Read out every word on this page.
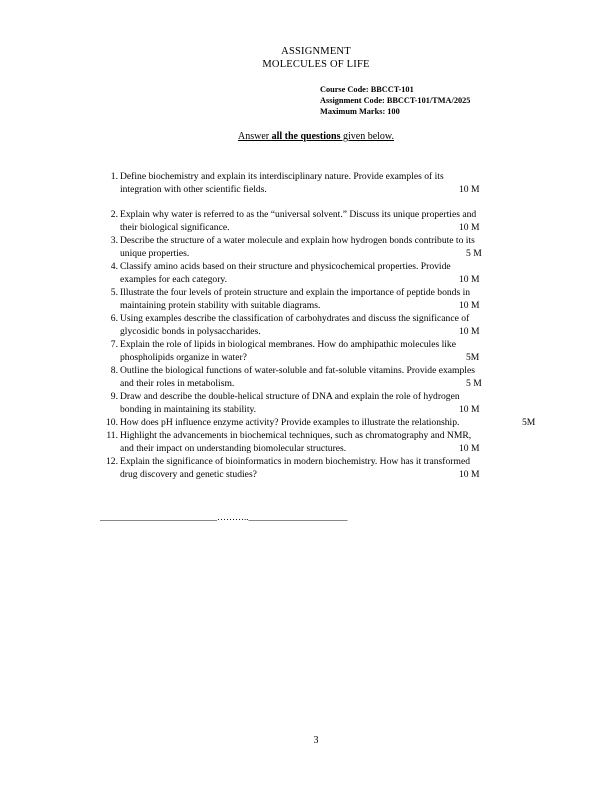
ASSIGNMENT
MOLECULES OF LIFE
Course Code: BBCCT-101
Assignment Code: BBCCT-101/TMA/2025
Maximum Marks: 100
Answer all the questions given below.
1. Define biochemistry and explain its interdisciplinary nature. Provide examples of its
integration with other scientific fields.	10 M
2. Explain why water is referred to as the “universal solvent.” Discuss its unique properties and
their biological significance.	10 M
3. Describe the structure of a water molecule and explain how hydrogen bonds contribute to its
unique properties.	5 M
4. Classify amino acids based on their structure and physicochemical properties. Provide
examples for each category.	10 M
5. Illustrate the four levels of protein structure and explain the importance of peptide bonds in
maintaining protein stability with suitable diagrams.	10 M
6. Using examples describe the classification of carbohydrates and discuss the significance of
glycosidic bonds in polysaccharides.	10 M
7. Explain the role of lipids in biological membranes. How do amphipathic molecules like
phospholipids organize in water?	5M
8. Outline the biological functions of water-soluble and fat-soluble vitamins. Provide examples
and their roles in metabolism.	5 M
9. Draw and describe the double-helical structure of DNA and explain the role of hydrogen
bonding in maintaining its stability.	10 M
10. How does pH influence enzyme activity? Provide examples to illustrate the relationship.	5M
11. Highlight the advancements in biochemical techniques, such as chromatography and NMR,
and their impact on understanding biomolecular structures.	10 M
12. Explain the significance of bioinformatics in modern biochemistry. How has it transformed
drug discovery and genetic studies?	10 M
__________________________………..______________________
3
